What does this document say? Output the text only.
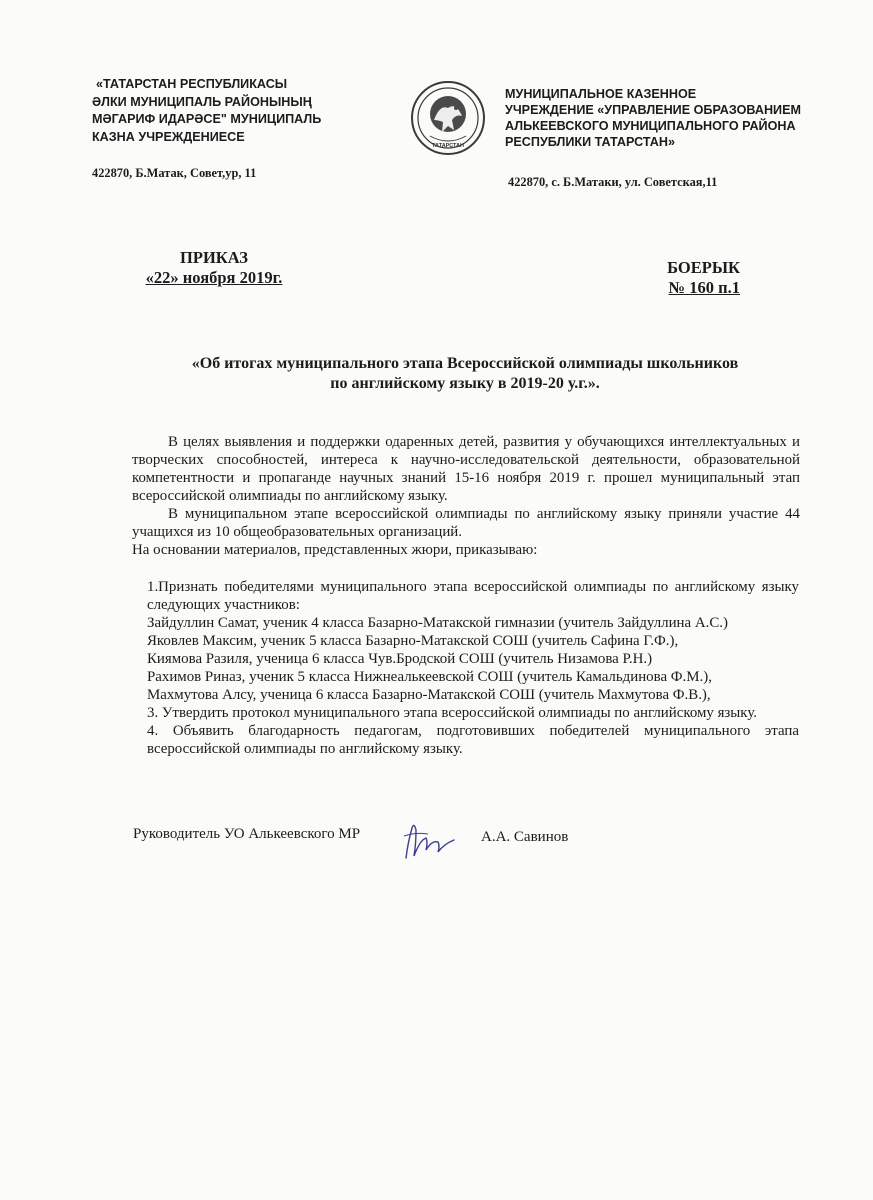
«ТАТАРСТАН РЕСПУБЛИКАСЫ
ӘЛКИ МУНИЦИПАЛЬ РАЙОНЫНЫҢ
МӘГАРИФ ИДАРӘСЕ" МУНИЦИПАЛЬ
КАЗНА УЧРЕЖДЕНИЕСЕ
422870, Б.Матак, Совет,ур, 11
ТАТАРСТАН
МУНИЦИПАЛЬНОЕ КАЗЕННОЕ
УЧРЕЖДЕНИЕ «УПРАВЛЕНИЕ ОБРАЗОВАНИЕМ
АЛЬКЕЕВСКОГО МУНИЦИПАЛЬНОГО РАЙОНА
РЕСПУБЛИКИ ТАТАРСТАН»
422870, с. Б.Матаки, ул. Советская,11
ПРИКАЗ
«22» ноября 2019г.
БОЕРЫК
№ 160 п.1
«Об итогах муниципального этапа Всероссийской олимпиады школьников
по английскому языку в 2019-20 у.г.».
В целях выявления и поддержки одаренных детей, развития у обучающихся интеллектуальных и творческих способностей, интереса к научно-исследовательской деятельности, образовательной компетентности и пропаганде научных знаний 15-16 ноября 2019 г. прошел муниципальный этап всероссийской олимпиады по английскому языку.
В муниципальном этапе всероссийской олимпиады по английскому языку приняли участие 44 учащихся из 10 общеобразовательных организаций.
На основании материалов, представленных жюри, приказываю:
1.Признать победителями муниципального этапа всероссийской олимпиады по английскому языку следующих участников:
Зайдуллин Самат, ученик 4 класса Базарно-Матакской гимназии (учитель Зайдуллина А.С.)
Яковлев Максим, ученик 5 класса Базарно-Матакской СОШ (учитель Сафина Г.Ф.),
Киямова Разиля, ученица 6 класса Чув.Бродской СОШ (учитель Низамова Р.Н.)
Рахимов Риназ, ученик 5 класса Нижнеалькеевской СОШ (учитель Камальдинова Ф.М.),
Махмутова Алсу, ученица 6 класса Базарно-Матакской СОШ (учитель Махмутова Ф.В.),
3. Утвердить протокол муниципального этапа всероссийской олимпиады по английскому языку.
4. Объявить благодарность педагогам, подготовивших победителей муниципального этапа всероссийской олимпиады по английскому языку.
Руководитель УО Алькеевского МР	А.А. Савинов
